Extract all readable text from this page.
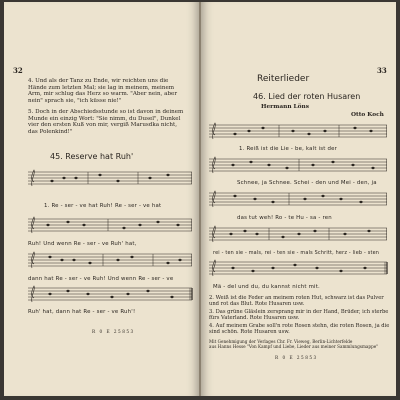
32
4. Und als der Tanz zu Ende, wir reichten uns die Hände zum letzten Mal; sie lag in meinem, meinem Arm, mir schlug das Herz so warm. "Aber nein, aber nein" sprach sie, "ich küsse nie!"
5. Doch in der Abschiedsstunde so ist davon in deinem Munde ein einzig Wort: "Sie nimm, du Dusel", Dunkel vier den ersten Kuß von mir, vergiß Marusdka nicht, das Polenkind!"
45. Reserve hat Ruh'
1. Re - ser - ve hat Ruh! Re - ser - ve hat
Ruh! Und wenn Re - ser - ve Ruh' hat,
dann hat Re - ser - ve Ruh! Und wenn Re - ser - ve
Ruh' hat, dann hat Re - ser - ve Ruh'!
R 0 E 25853
33
Reiterlieder
46. Lied der roten Husaren
Hermann Löns
Otto Koch
1. Reiß ist die Lie - be, kalt ist der
Schnee, ja Schnee. Schei - den und Mei - den, ja
das tut weh! Ro - te Hu - sa - ren
rei - ten sie - mals, rei - ten sie - mals Schritt, herz - lieb - sten
Mä - del und du, du kannst nicht mit.
2. Weiß ist die Feder an meinem roten Hut, schwarz ist das Pulver und rot das Blut. Rote Husaren usw.
3. Das grüne Gläslein zersprang mir in der Hand, Brüder, ich sterbe fürs Vaterland. Rote Husaren usw.
4. Auf meinem Grabe soll'n rote Rosen stehn, die roten Rosen, ja die sind schön. Rote Husaren usw.
Mit Genehmigung der Verlages Chr. Fr. Vieweg, Berlin-Lichterfelde
aus Hanns Hesse "Von Kampf und Liebe, Lieder aus meiner Sammlungsmappe"
R 0 E 25853
